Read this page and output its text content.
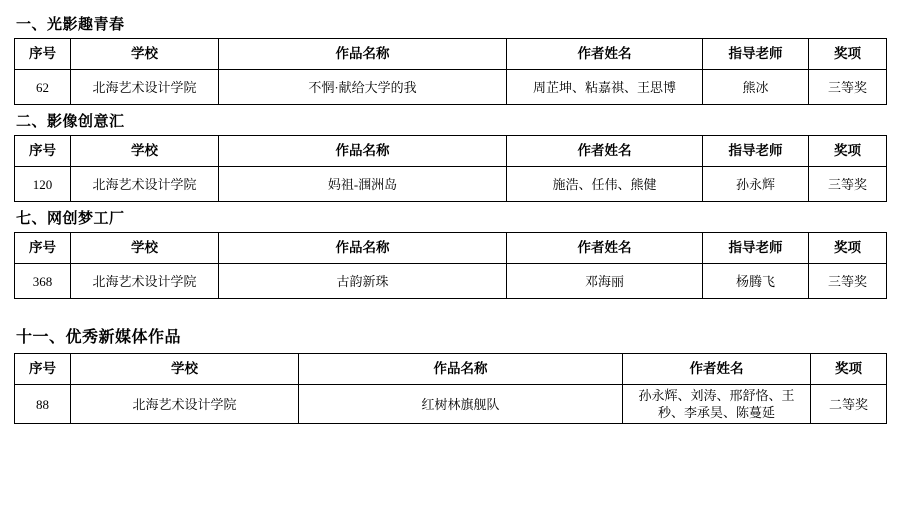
一、光影趣青春
序号	学校	作品名称	作者姓名	指导老师	奖项
62	北海艺术设计学院	不惘·献给大学的我	周芷坤、粘嘉祺、王思博	熊冰	三等奖
二、影像创意汇
序号	学校	作品名称	作者姓名	指导老师	奖项
120	北海艺术设计学院	妈祖-涠洲岛	施浩、任伟、熊健	孙永辉	三等奖
七、网创梦工厂
序号	学校	作品名称	作者姓名	指导老师	奖项
368	北海艺术设计学院	古韵新珠	邓海丽	杨腾飞	三等奖
十一、优秀新媒体作品
序号	学校	作品名称	作者姓名	奖项
88	北海艺术设计学院	红树林旗舰队	孙永辉、刘涛、邢舒恪、王秒、李承昊、陈蔓延	二等奖
